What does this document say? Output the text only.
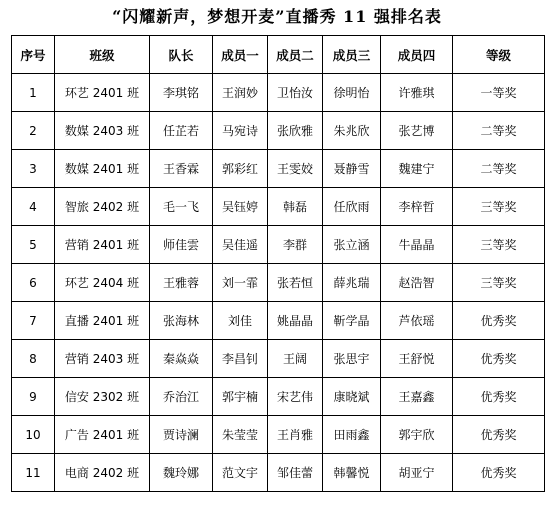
“闪耀新声，梦想开麦”直播秀 11 强排名表
序号	班级	队长	成员一	成员二	成员三	成员四	等级
1	环艺 2401 班	李琪铭	王润妙	卫怡汝	徐明怡	许雅琪	一等奖
2	数媒 2403 班	任芷若	马宛诗	张欣雅	朱兆欣	张艺博	二等奖
3	数媒 2401 班	王香霖	郭彩红	王雯姣	聂静雪	魏建宁	二等奖
4	智旅 2402 班	毛一飞	吴钰婷	韩磊	任欣雨	李梓哲	三等奖
5	营销 2401 班	师佳雲	吴佳遥	李群	张立涵	牛晶晶	三等奖
6	环艺 2404 班	王雅蓉	刘一霏	张若恒	薛兆瑞	赵浩智	三等奖
7	直播 2401 班	张海林	刘佳	姚晶晶	靳学晶	芦依瑶	优秀奖
8	营销 2403 班	秦焱焱	李昌钊	王阔	张思宇	王舒悦	优秀奖
9	信安 2302 班	乔治江	郭宇楠	宋艺伟	康晓斌	王嘉鑫	优秀奖
10	广告 2401 班	贾诗澜	朱莹莹	王肖雅	田雨鑫	郭宇欣	优秀奖
11	电商 2402 班	魏玲娜	范文宇	邹佳蕾	韩馨悦	胡亚宁	优秀奖
